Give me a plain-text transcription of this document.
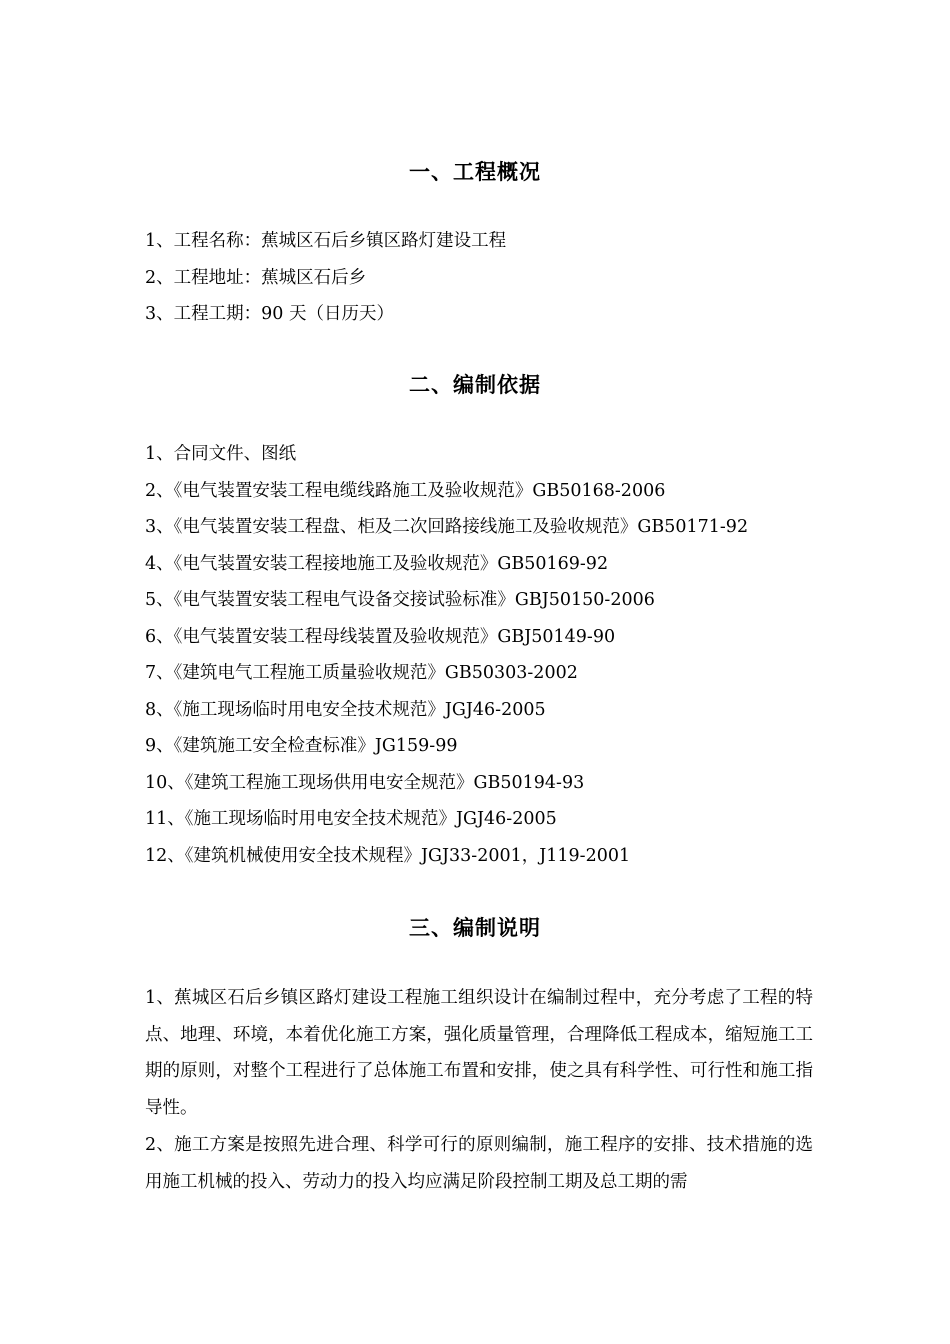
一、工程概况
1、工程名称：蕉城区石后乡镇区路灯建设工程
2、工程地址：蕉城区石后乡
3、工程工期：90 天（日历天）
二、编制依据
1、合同文件、图纸
2、《电气装置安装工程电缆线路施工及验收规范》GB50168-2006
3、《电气装置安装工程盘、柜及二次回路接线施工及验收规范》GB50171-92
4、《电气装置安装工程接地施工及验收规范》GB50169-92
5、《电气装置安装工程电气设备交接试验标准》GBJ50150-2006
6、《电气装置安装工程母线装置及验收规范》GBJ50149-90
7、《建筑电气工程施工质量验收规范》GB50303-2002
8、《施工现场临时用电安全技术规范》JGJ46-2005
9、《建筑施工安全检查标准》JG159-99
10、《建筑工程施工现场供用电安全规范》GB50194-93
11、《施工现场临时用电安全技术规范》JGJ46-2005
12、《建筑机械使用安全技术规程》JGJ33-2001，J119-2001
三、编制说明

1、蕉城区石后乡镇区路灯建设工程施工组织设计在编制过程中，充分考虑了工程的特点、地理、环境，本着优化施工方案，强化质量管理，合理降低工程成本，缩短施工工期的原则，对整个工程进行了总体施工布置和安排，使之具有科学性、可行性和施工指导性。

2、施工方案是按照先进合理、科学可行的原则编制，施工程序的安排、技术措施的选用施工机械的投入、劳动力的投入均应满足阶段控制工期及总工期的需
